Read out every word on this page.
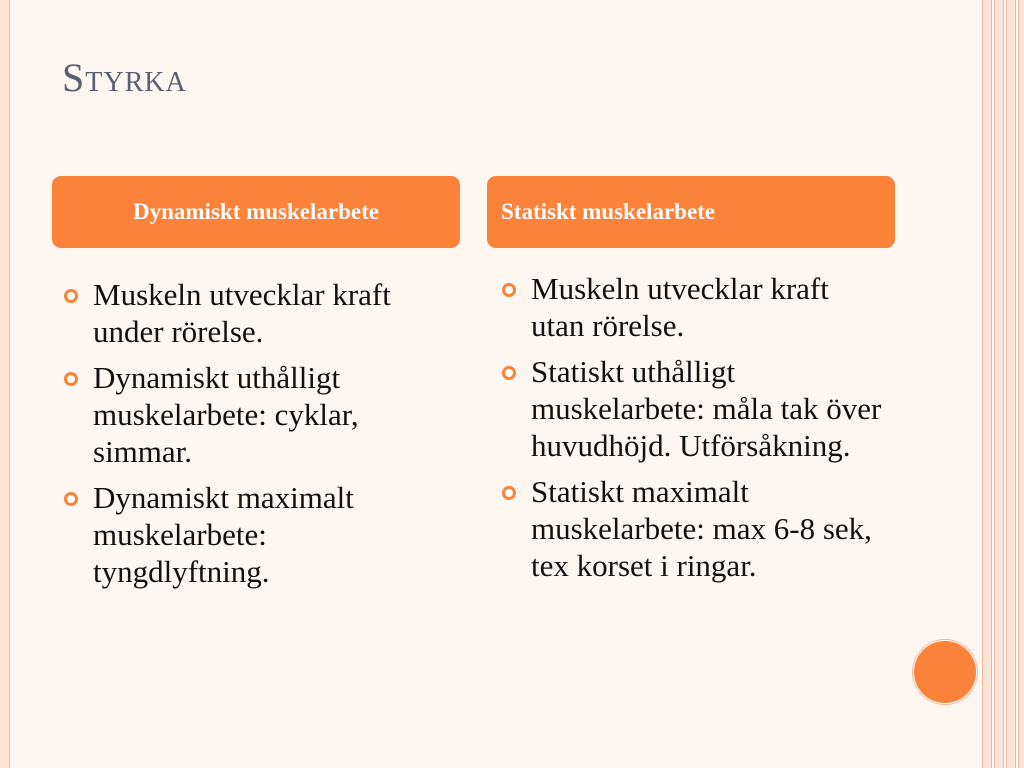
Styrka
Dynamiskt muskelarbete	Statiskt muskelarbete
Muskeln utvecklar kraft under rörelse.
Dynamiskt uthålligt muskelarbete: cyklar, simmar.
Dynamiskt maximalt muskelarbete: tyngdlyftning.
Muskeln utvecklar kraft utan rörelse.
Statiskt uthålligt muskelarbete: måla tak över huvudhöjd. Utförsåkning.
Statiskt maximalt muskelarbete: max 6-8 sek, tex korset i ringar.
